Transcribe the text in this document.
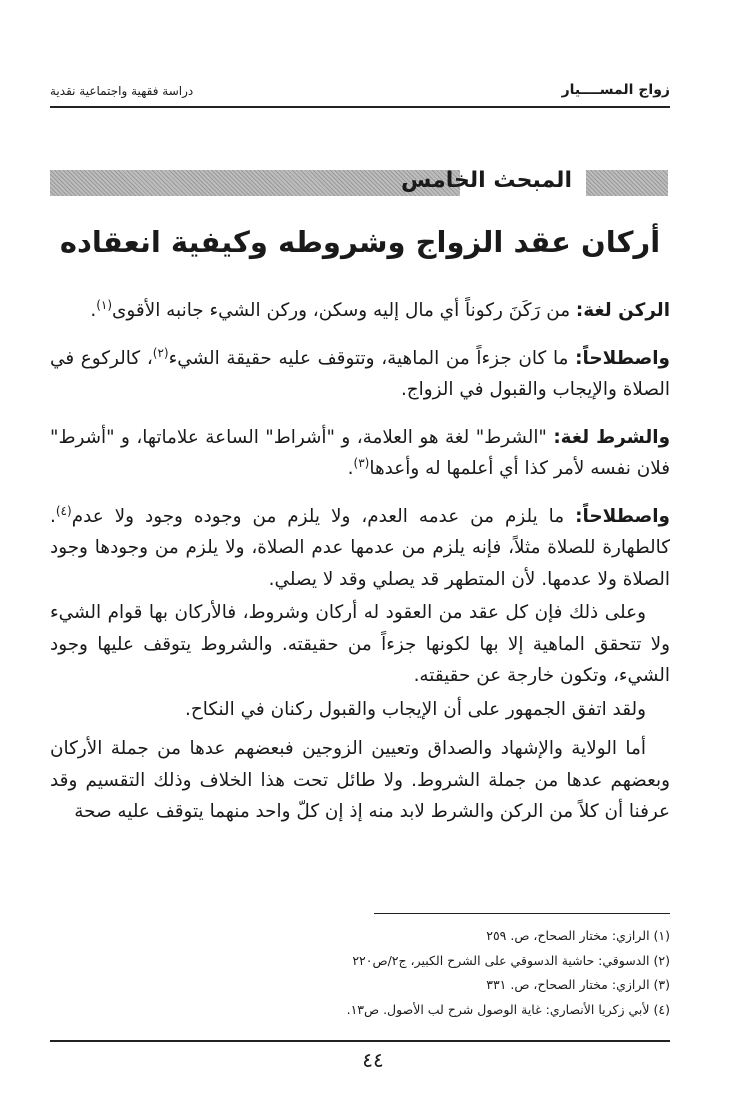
زواج المســــيار
دراسة فقهية واجتماعية نقدية
المبحث الخامس
أركان عقد الزواج وشروطه وكيفية انعقاده

الركن لغة: من رَكَنَ ركوناً أي مال إليه وسكن، وركن الشيء جانبه الأقوى$^{(١)}$.

واصطلاحاً: ما كان جزءاً من الماهية، وتتوقف عليه حقيقة الشيء$^{(٢)}$، كالركوع في الصلاة والإيجاب والقبول في الزواج.

والشرط لغة: "الشرط" لغة هو العلامة، و "أشراط" الساعة علاماتها، و "أشرط" فلان نفسه لأمر كذا أي أعلمها له وأعدها$^{(٣)}$.

واصطلاحاً: ما يلزم من عدمه العدم، ولا يلزم من وجوده وجود ولا عدم$^{(٤)}$. كالطهارة للصلاة مثلاً، فإنه يلزم من عدمها عدم الصلاة، ولا يلزم من وجودها وجود الصلاة ولا عدمها. لأن المتطهر قد يصلي وقد لا يصلي.

وعلى ذلك فإن كل عقد من العقود له أركان وشروط، فالأركان بها قوام الشيء ولا تتحقق الماهية إلا بها لكونها جزءاً من حقيقته. والشروط يتوقف عليها وجود الشيء، وتكون خارجة عن حقيقته.

ولقد اتفق الجمهور على أن الإيجاب والقبول ركنان في النكاح.

أما الولاية والإشهاد والصداق وتعيين الزوجين فبعضهم عدها من جملة الأركان وبعضهم عدها من جملة الشروط. ولا طائل تحت هذا الخلاف وذلك التقسيم وقد عرفنا أن كلاً من الركن والشرط لابد منه إذ إن كلّ واحد منهما يتوقف عليه صحة

(١) الرازي: مختار الصحاح، ص. ٢٥٩

(٢) الدسوقي: حاشية الدسوقي على الشرح الكبير، ج٢/ص٢٢٠

(٣) الرازي: مختار الصحاح، ص. ٣٣١

(٤) لأبي زكريا الأنصاري: غاية الوصول شرح لب الأصول. ص١٣.

٤٤
